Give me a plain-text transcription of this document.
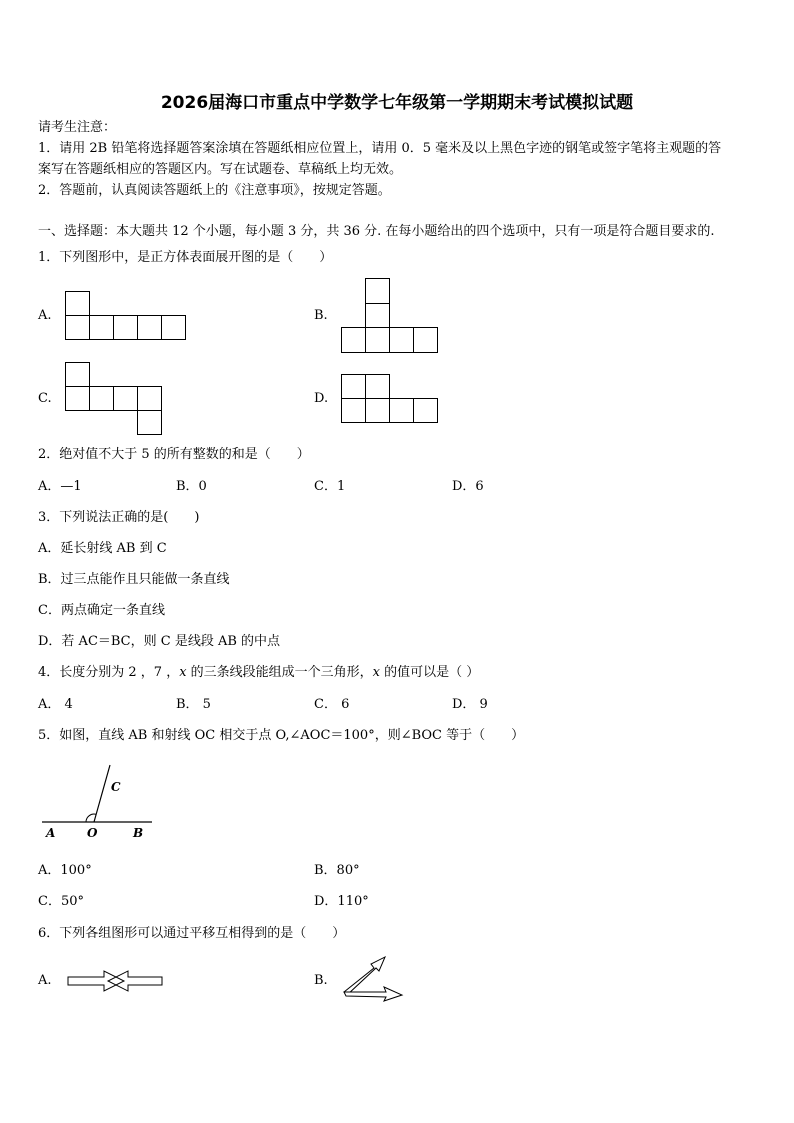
2026届海口市重点中学数学七年级第一学期期末考试模拟试题
请考生注意：
1．请用 2B 铅笔将选择题答案涂填在答题纸相应位置上，请用 0．5 毫米及以上黑色字迹的钢笔或签字笔将主观题的答
案写在答题纸相应的答题区内。写在试题卷、草稿纸上均无效。
2．答题前，认真阅读答题纸上的《注意事项》，按规定答题。
一、选择题：本大题共 12 个小题，每小题 3 分，共 36 分. 在每小题给出的四个选项中，只有一项是符合题目要求的.
1．下列图形中，是正方体表面展开图的是（　　）
A.	B.
C.	D.
2．绝对值不大于 5 的所有整数的和是（　　）
A．—1	B．0	C．1	D．6
3．下列说法正确的是(　　)
A．延长射线 AB 到 C
B．过三点能作且只能做一条直线
C．两点确定一条直线
D．若 AC＝BC，则 C 是线段 AB 的中点
4．长度分别为 2 ，7 ，𝑥 的三条线段能组成一个三角形，𝑥 的值可以是（ ）
A． 4	B． 5	C． 6	D． 9
5．如图，直线 AB 和射线 OC 相交于点 O,∠AOC＝100°，则∠BOC 等于（　　）
C
A	O	B
A．100°	B．80°
C．50°	D．110°
6．下列各组图形可以通过平移互相得到的是（　　）
A.	B.
